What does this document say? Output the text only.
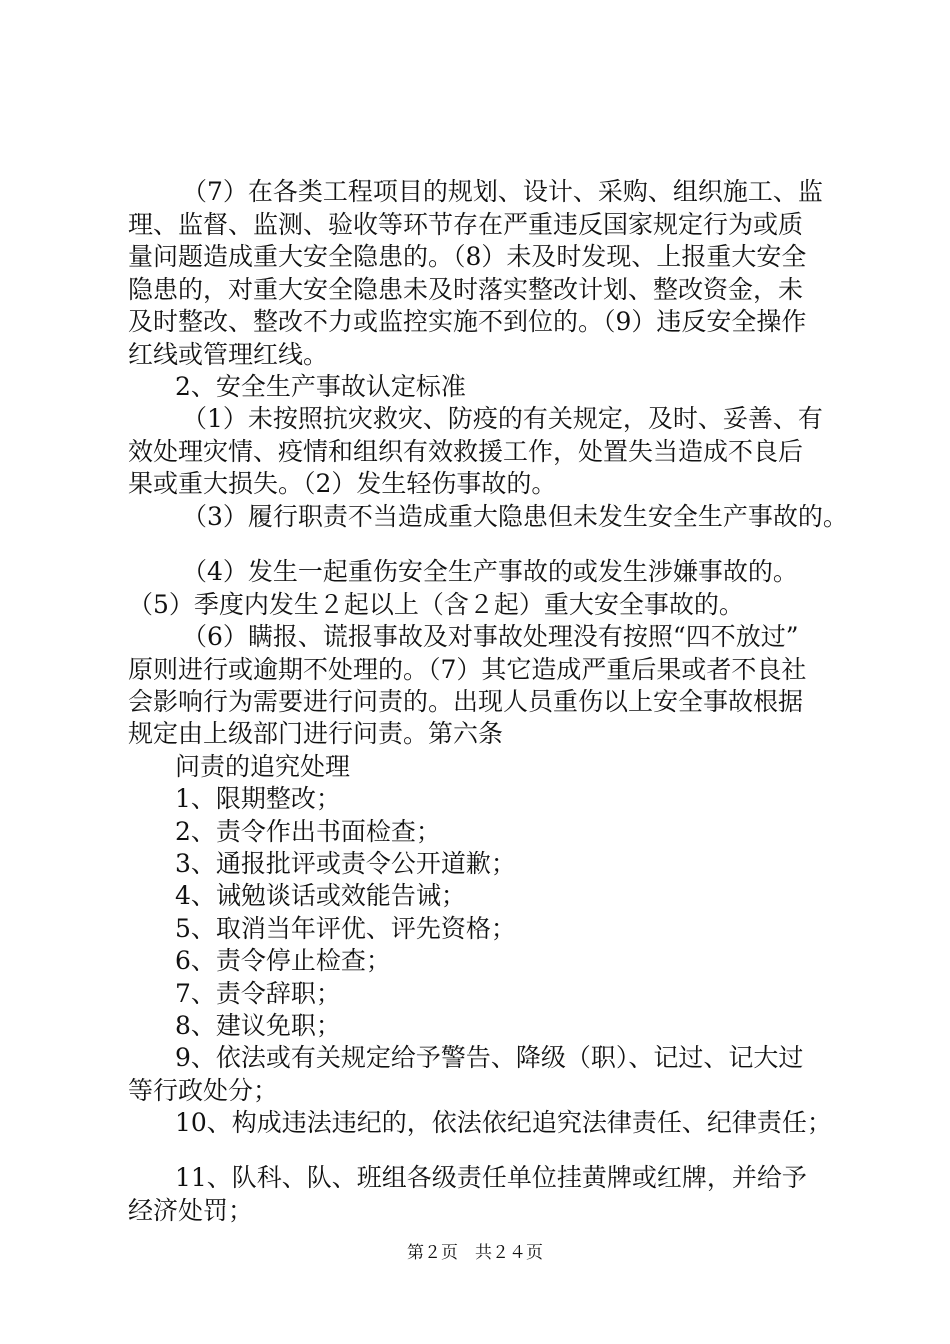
（7）在各类工程项目的规划、设计、采购、组织施工、监
理、监督、监测、验收等环节存在严重违反国家规定行为或质
量问题造成重大安全隐患的。（8）未及时发现、上报重大安全
隐患的，对重大安全隐患未及时落实整改计划、整改资金，未
及时整改、整改不力或监控实施不到位的。（9）违反安全操作
红线或管理红线。
2、安全生产事故认定标准
（1）未按照抗灾救灾、防疫的有关规定，及时、妥善、有
效处理灾情、疫情和组织有效救援工作，处置失当造成不良后
果或重大损失。（2）发生轻伤事故的。
（3）履行职责不当造成重大隐患但未发生安全生产事故的。
（4）发生一起重伤安全生产事故的或发生涉嫌事故的。
（5）季度内发生２起以上（含２起）重大安全事故的。
（6）瞒报、谎报事故及对事故处理没有按照“四不放过”
原则进行或逾期不处理的。（7）其它造成严重后果或者不良社
会影响行为需要进行问责的。出现人员重伤以上安全事故根据
规定由上级部门进行问责。第六条
问责的追究处理
1、限期整改；
2、责令作出书面检查；
3、通报批评或责令公开道歉；
4、诫勉谈话或效能告诫；
5、取消当年评优、评先资格；
6、责令停止检查；
7、责令辞职；
8、建议免职；
9、依法或有关规定给予警告、降级（职）、记过、记大过
等行政处分；
10、构成违法违纪的，依法依纪追究法律责任、纪律责任；
11、队科、队、班组各级责任单位挂黄牌或红牌，并给予
经济处罚；
第２页　共２４页
